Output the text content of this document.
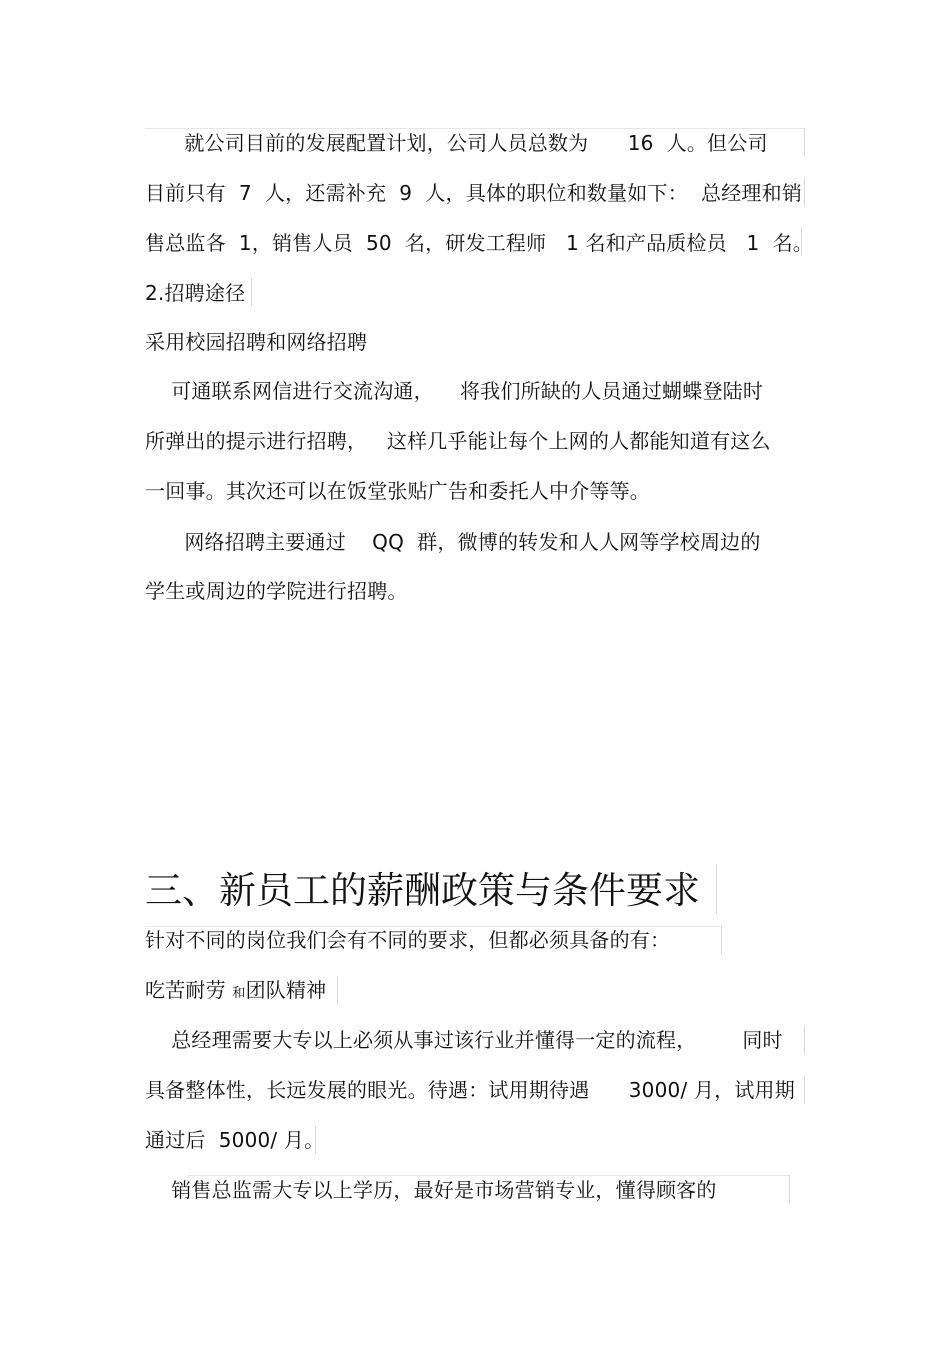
就公司目前的发展配置计划，公司人员总数为      16  人。但公司
目前只有  7  人，还需补充  9  人，具体的职位和数量如下：  总经理和销
售总监各  1，销售人员  50  名，研发工程师   1 名和产品质检员   1  名。
2.招聘途径
采用校园招聘和网络招聘
可通联系网信进行交流沟通，    将我们所缺的人员通过蝴蝶登陆时
所弹出的提示进行招聘，   这样几乎能让每个上网的人都能知道有这么
一回事。其次还可以在饭堂张贴广告和委托人中介等等。
网络招聘主要通过    QQ  群，微博的转发和人人网等学校周边的
学生或周边的学院进行招聘。
三、新员工的薪酬政策与条件要求
针对不同的岗位我们会有不同的要求，但都必须具备的有：
吃苦耐劳 和团队精神
总经理需要大专以上必须从事过该行业并懂得一定的流程，       同时
具备整体性，长远发展的眼光。待遇：试用期待遇      3000/ 月，试用期
通过后  5000/ 月。
销售总监需大专以上学历，最好是市场营销专业，懂得顾客的
